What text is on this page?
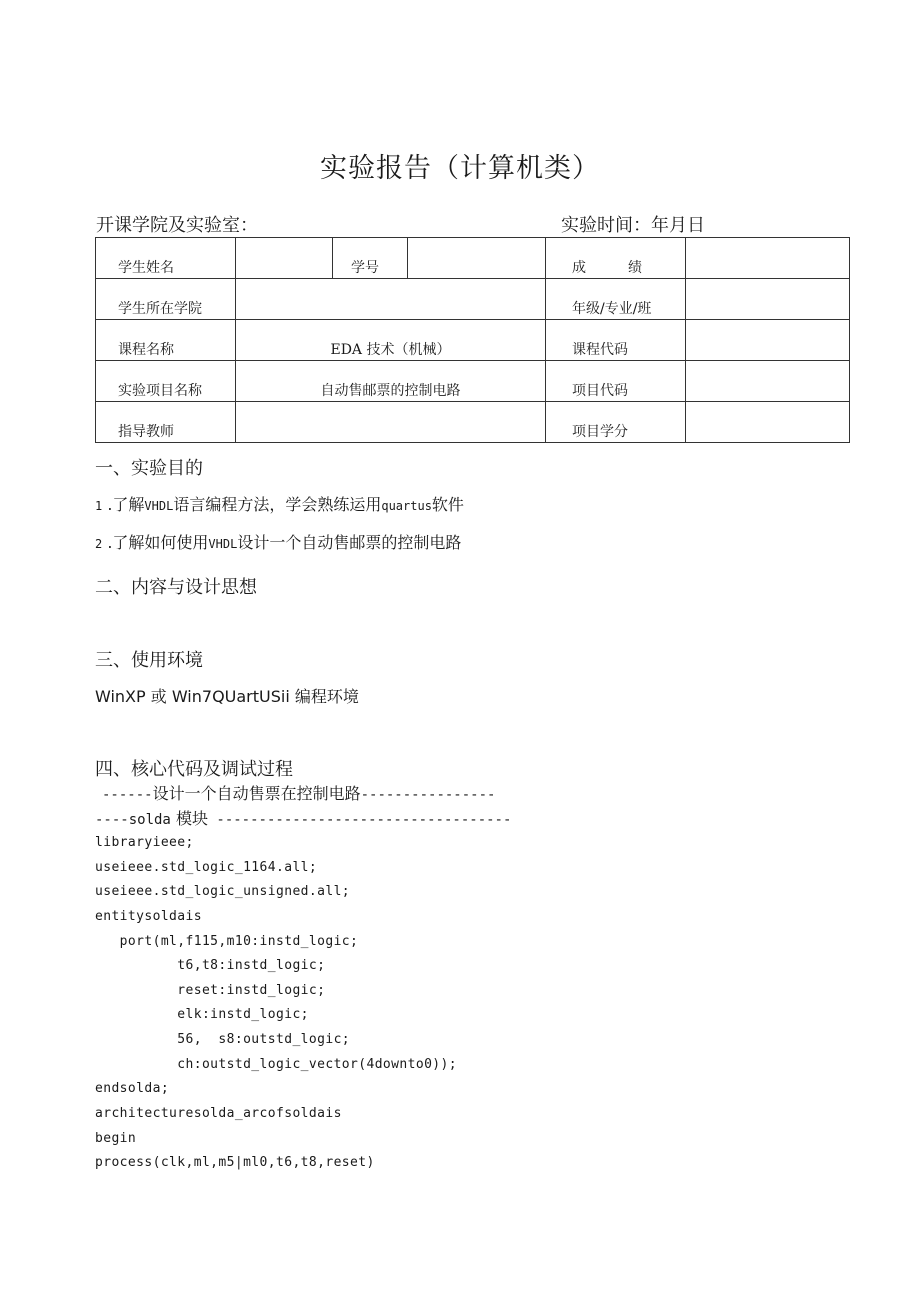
实验报告（计算机类）
开课学院及实验室：	实验时间：年月日
学生姓名		学号		成　　　绩	
学生所在学院				年级/专业/班	
课程名称	EDA 技术（机械）			课程代码	
实验项目名称	自动售邮票的控制电路			项目代码	
指导教师				项目学分	
一、实验目的
1 .了解VHDL语言编程方法，学会熟练运用quartus软件
2 .了解如何使用VHDL设计一个自动售邮票的控制电路
二、内容与设计思想
三、使用环境
WinXP 或 Win7QUartUSii 编程环境
四、核心代码及调试过程
------设计一个自动售票在控制电路----------------
----solda 模块 -----------------------------------
libraryieee;
useieee.std_logic_1164.all;
useieee.std_logic_unsigned.all;
entitysoldais
port(ml,f115,m10:instd_logic;
t6,t8:instd_logic;
reset:instd_logic;
elk:instd_logic;
56,  s8:outstd_logic;
ch:outstd_logic_vector(4downto0));
endsolda;
architecturesolda_arcofsoldais
begin
process(clk,ml,m5|ml0,t6,t8,reset)
